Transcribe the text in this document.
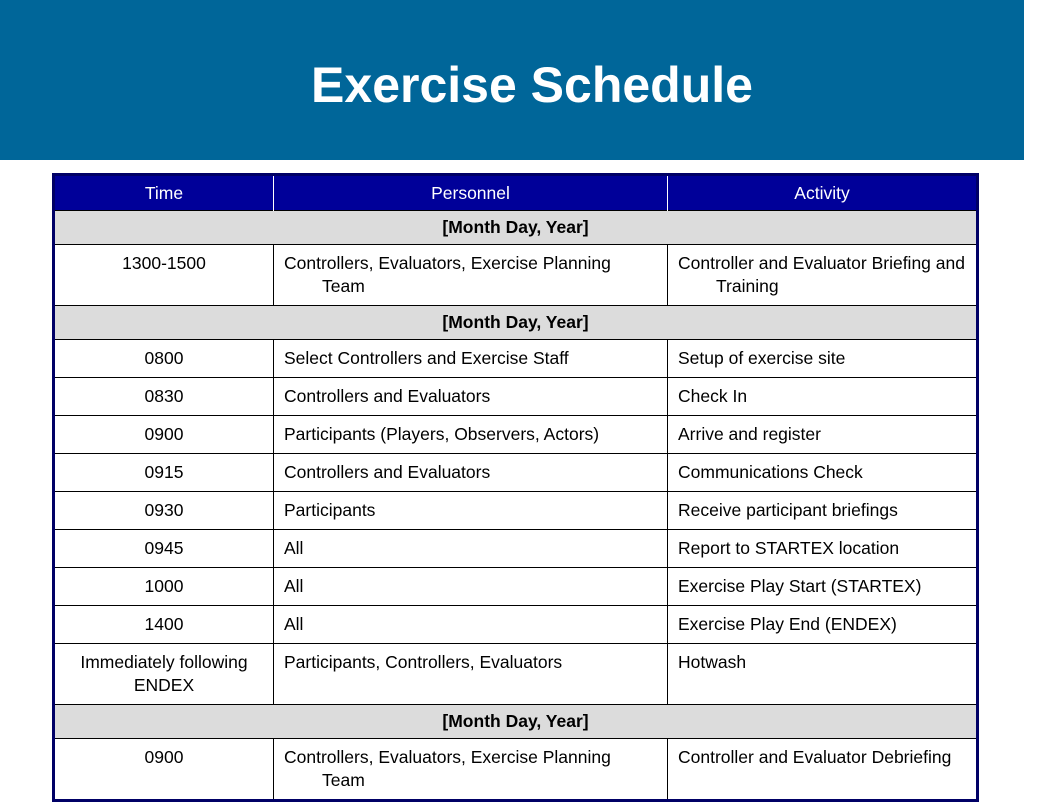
Exercise Schedule
Time	Personnel	Activity
[Month Day, Year]		
1300-1500	Controllers, Evaluators, Exercise Planning Team	Controller and Evaluator Briefing and Training

[Month Day, Year]		
0800	Select Controllers and Exercise Staff	Setup of exercise site
0830	Controllers and Evaluators	Check In
0900	Participants (Players, Observers, Actors)	Arrive and register
0915	Controllers and Evaluators	Communications Check
0930	Participants	Receive participant briefings
0945	All	Report to STARTEX location
1000	All	Exercise Play Start (STARTEX)
1400	All	Exercise Play End (ENDEX)
Immediately following ENDEX	Participants, Controllers, Evaluators	Hotwash
[Month Day, Year]		
0900	Controllers, Evaluators, Exercise Planning Team	Controller and Evaluator Debriefing
